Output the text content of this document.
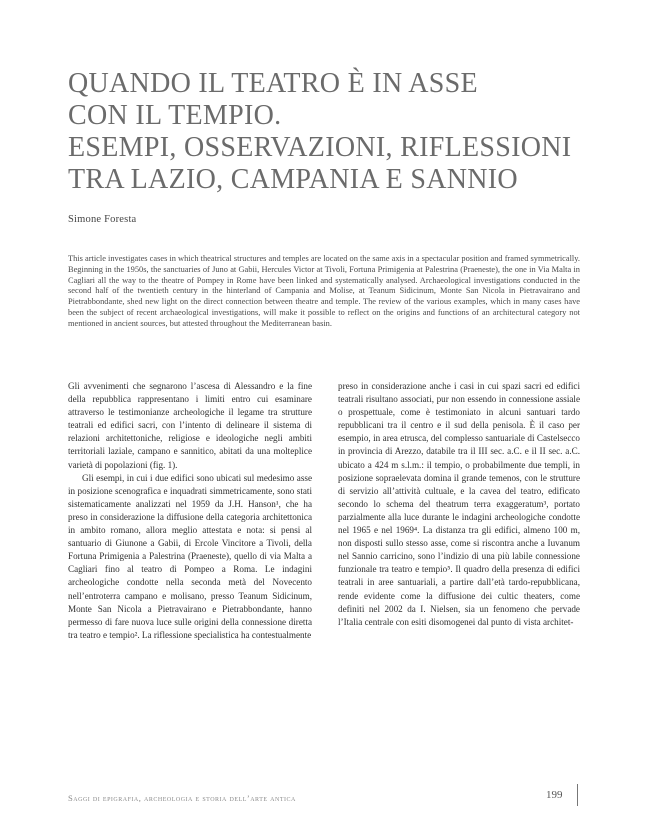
QUANDO IL TEATRO È IN ASSE
CON IL TEMPIO.
ESEMPI, OSSERVAZIONI, RIFLESSIONI
TRA LAZIO, CAMPANIA E SANNIO
Simone Foresta

This article investigates cases in which theatrical structures and temples are located on the same axis in a spectacular position and framed symmetrically. Beginning in the 1950s, the sanctuaries of Juno at Gabii, Hercules Victor at Tivoli, Fortuna Primigenia at Palestrina (Praeneste), the one in Via Malta in Cagliari all the way to the theatre of Pompey in Rome have been linked and systematically analysed. Archaeological investigations conducted in the second half of the twentieth century in the hinterland of Campania and Molise, at Teanum Sidicinum, Monte San Nicola in Pietravairano and Pietrabbondante, shed new light on the direct connection between theatre and temple. The review of the various examples, which in many cases have been the subject of recent archaeological investigations, will make it possible to reflect on the origins and functions of an architectural category not mentioned in ancient sources, but attested throughout the Mediterranean basin.

Gli avvenimenti che segnarono l’ascesa di Alessandro e la fine della repubblica rappresentano i limiti entro cui esaminare attraverso le testimonianze archeologiche il legame tra strutture teatrali ed edifici sacri, con l’intento di delineare il sistema di relazioni architettoniche, religiose e ideologiche negli ambiti territoriali laziale, campano e sannitico, abitati da una molteplice varietà di popolazioni (fig. 1).

Gli esempi, in cui i due edifici sono ubicati sul medesimo asse in posizione scenografica e inquadrati simmetricamente, sono stati sistematicamente analizzati nel 1959 da J.H. Hanson¹, che ha preso in considerazione la diffusione della categoria architettonica in ambito romano, allora meglio attestata e nota: si pensi al santuario di Giunone a Gabii, di Ercole Vincitore a Tivoli, della Fortuna Primigenia a Palestrina (Praeneste), quello di via Malta a Cagliari fino al teatro di Pompeo a Roma. Le indagini archeologiche condotte nella seconda metà del Novecento nell’entroterra campano e molisano, presso Teanum Sidicinum, Monte San Nicola a Pietravairano e Pietrabbondante, hanno permesso di fare nuova luce sulle origini della connessione diretta tra teatro e tempio². La riflessione specialistica ha contestualmente

preso in considerazione anche i casi in cui spazi sacri ed edifici teatrali risultano associati, pur non essendo in connessione assiale o prospettuale, come è testimoniato in alcuni santuari tardo repubblicani tra il centro e il sud della penisola. È il caso per esempio, in area etrusca, del complesso santuariale di Castelsecco in provincia di Arezzo, databile tra il III sec. a.C. e il II sec. a.C. ubicato a 424 m s.l.m.: il tempio, o probabilmente due templi, in posizione sopraelevata domina il grande temenos, con le strutture di servizio all’attività cultuale, e la cavea del teatro, edificato secondo lo schema del theatrum terra exaggeratum³, portato parzialmente alla luce durante le indagini archeologiche condotte nel 1965 e nel 1969⁴. La distanza tra gli edifici, almeno 100 m, non disposti sullo stesso asse, come si riscontra anche a Iuvanum nel Sannio carricino, sono l’indizio di una più labile connessione funzionale tra teatro e tempio⁵. Il quadro della presenza di edifici teatrali in aree santuariali, a partire dall’età tardo-repubblicana, rende evidente come la diffusione dei cultic theaters, come definiti nel 2002 da I. Nielsen, sia un fenomeno che pervade l’Italia centrale con esiti disomogenei dal punto di vista architet-

Saggi di epigrafia, archeologia e storia dell’arte antica	199
